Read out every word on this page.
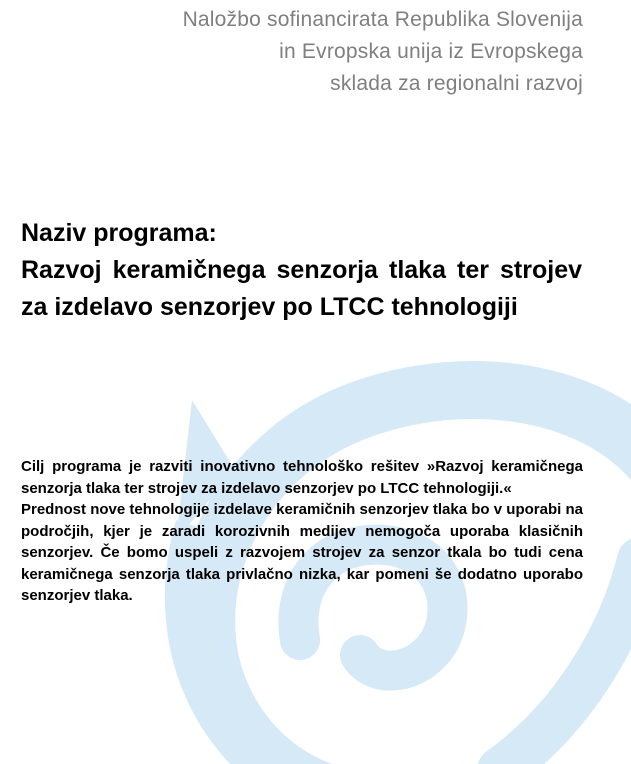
Naložbo sofinancirata Republika Slovenija
in Evropska unija iz Evropskega
sklada za regionalni razvoj
Naziv programa:
Razvoj keramičnega senzorja tlaka ter strojev za izdelavo senzorjev po LTCC tehnologiji

Cilj programa je razviti inovativno tehnološko rešitev »Razvoj keramičnega senzorja tlaka ter strojev za izdelavo senzorjev po LTCC tehnologiji.«

Prednost nove tehnologije izdelave keramičnih senzorjev tlaka bo v uporabi na področjih, kjer je zaradi korozivnih medijev nemogoča uporaba klasičnih senzorjev. Če bomo uspeli z razvojem strojev za senzor tkala bo tudi cena keramičnega senzorja tlaka privlačno nizka, kar pomeni še dodatno uporabo senzorjev tlaka.
